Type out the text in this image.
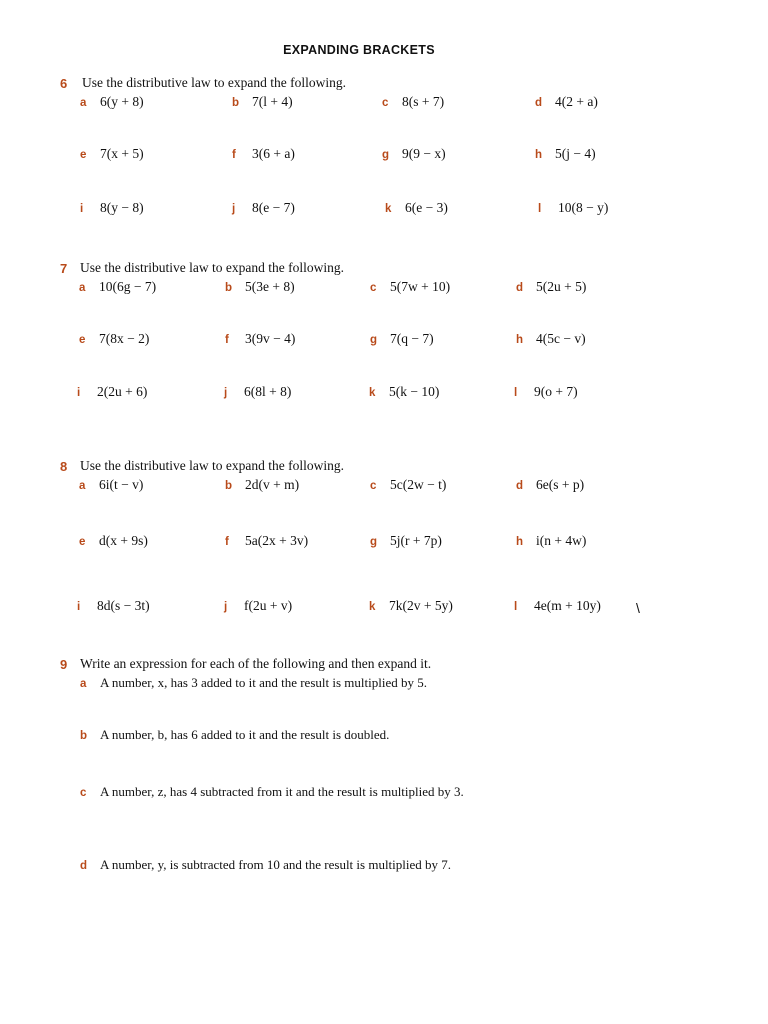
EXPANDING BRACKETS
6 Use the distributive law to expand the following.
a 6(y + 8)	b 7(l + 4)	c 8(s + 7)	d 4(2 + a)
e 7(x + 5)	f 3(6 + a)	g 9(9 − x)	h 5(j − 4)
i 8(y − 8)	j 8(e − 7)	k 6(e − 3)	l 10(8 − y)
7 Use the distributive law to expand the following.
a 10(6g − 7)	b 5(3e + 8)	c 5(7w + 10)	d 5(2u + 5)
e 7(8x − 2)	f 3(9v − 4)	g 7(q − 7)	h 4(5c − v)
i 2(2u + 6)	j 6(8l + 8)	k 5(k − 10)	l 9(o + 7)
8 Use the distributive law to expand the following.
a 6i(t − v)	b 2d(v + m)	c 5c(2w − t)	d 6e(s + p)
e d(x + 9s)	f 5a(2x + 3v)	g 5j(r + 7p)	h i(n + 4w)
i 8d(s − 3t)	j f(2u + v)	k 7k(2v + 5y)	l 4e(m + 10y)	\
9 Write an expression for each of the following and then expand it.
a A number, x, has 3 added to it and the result is multiplied by 5.
b A number, b, has 6 added to it and the result is doubled.
c A number, z, has 4 subtracted from it and the result is multiplied by 3.
d A number, y, is subtracted from 10 and the result is multiplied by 7.
